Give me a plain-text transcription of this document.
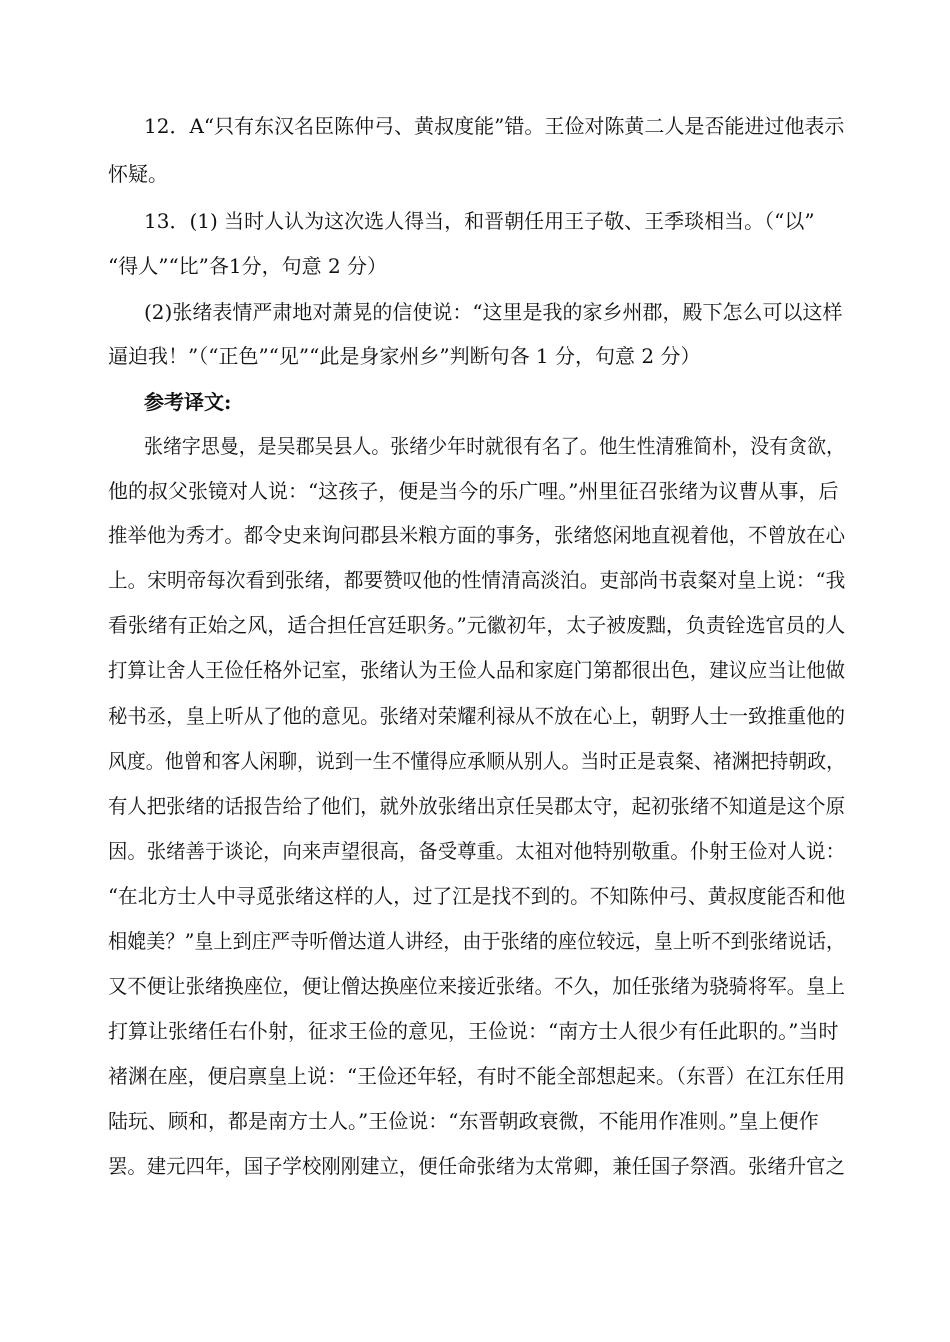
12．A“只有东汉名臣陈仲弓、黄叔度能”错。王俭对陈黄二人是否能进过他表示
怀疑。
13．(1) 当时人认为这次选人得当，和晋朝任用王子敬、王季琰相当。（“以”
“得人”“比”各1分，句意 2 分）
(2)张绪表情严肃地对萧晃的信使说：“这里是我的家乡州郡，殿下怎么可以这样
逼迫我！”（“正色”“见”“此是身家州乡”判断句各 1 分，句意 2 分）
参考译文:
张绪字思曼，是吴郡吴县人。张绪少年时就很有名了。他生性清雅简朴，没有贪欲，
他的叔父张镜对人说：“这孩子，便是当今的乐广哩。”州里征召张绪为议曹从事，后
推举他为秀才。都令史来询问郡县米粮方面的事务，张绪悠闲地直视着他，不曾放在心
上。宋明帝每次看到张绪，都要赞叹他的性情清高淡泊。吏部尚书袁粲对皇上说：“我
看张绪有正始之风，适合担任宫廷职务。”元徽初年，太子被废黜，负责铨选官员的人
打算让舍人王俭任格外记室，张绪认为王俭人品和家庭门第都很出色，建议应当让他做
秘书丞，皇上听从了他的意见。张绪对荣耀利禄从不放在心上，朝野人士一致推重他的
风度。他曾和客人闲聊，说到一生不懂得应承顺从别人。当时正是袁粲、褚渊把持朝政，
有人把张绪的话报告给了他们，就外放张绪出京任吴郡太守，起初张绪不知道是这个原
因。张绪善于谈论，向来声望很高，备受尊重。太祖对他特别敬重。仆射王俭对人说：
“在北方士人中寻觅张绪这样的人，过了江是找不到的。不知陈仲弓、黄叔度能否和他
相媲美？”皇上到庄严寺听僧达道人讲经，由于张绪的座位较远，皇上听不到张绪说话，
又不便让张绪换座位，便让僧达换座位来接近张绪。不久，加任张绪为骁骑将军。皇上
打算让张绪任右仆射，征求王俭的意见，王俭说：“南方士人很少有任此职的。”当时
褚渊在座，便启禀皇上说：“王俭还年轻，有时不能全部想起来。（东晋）在江东任用
陆玩、顾和，都是南方士人。”王俭说：“东晋朝政衰微，不能用作准则。”皇上便作
罢。建元四年，国子学校刚刚建立，便任命张绪为太常卿，兼任国子祭酒。张绪升官之
